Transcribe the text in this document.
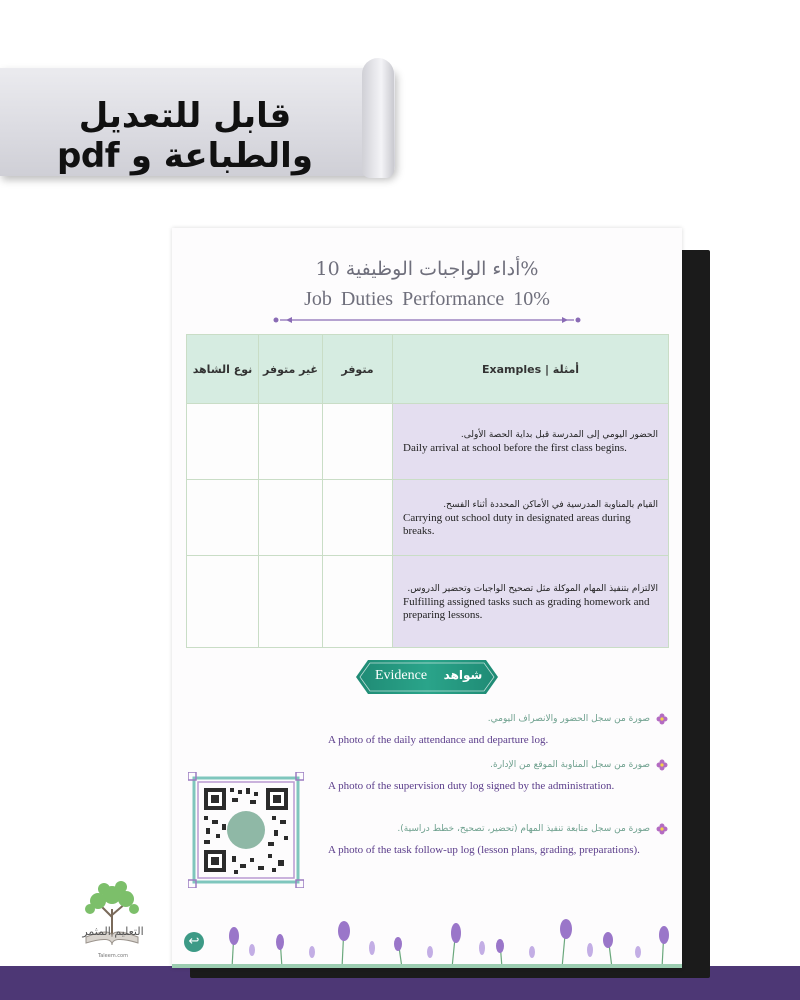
قابل للتعديل والطباعة و pdf
أداء الواجبات الوظيفية 10%
Job Duties Performance 10%
نوع الشاهد	غير متوفر	متوفر	Examples | أمثلة

			الحضور اليومي إلى المدرسة قبل بداية الحصة الأولى.
Daily arrival at school before the first class begins.

			القيام بالمناوبة المدرسية في الأماكن المحددة أثناء الفسح.
Carrying out school duty in designated areas during breaks.

			الالتزام بتنفيذ المهام الموكلة مثل تصحيح الواجبات وتحضير الدروس.
Fulfilling assigned tasks such as grading homework and preparing lessons.
Evidence	شواهد
صورة من سجل الحضور والانصراف اليومي.
A photo of the daily attendance and departure log.
صورة من سجل المناوبة الموقع من الإدارة.
A photo of the supervision duty log signed by the administration.
صورة من سجل متابعة تنفيذ المهام (تحضير، تصحيح، خطط دراسية).
A photo of the task follow-up log (lesson plans, grading, preparations).
↩
التعليم المثمر
Taleem.com
